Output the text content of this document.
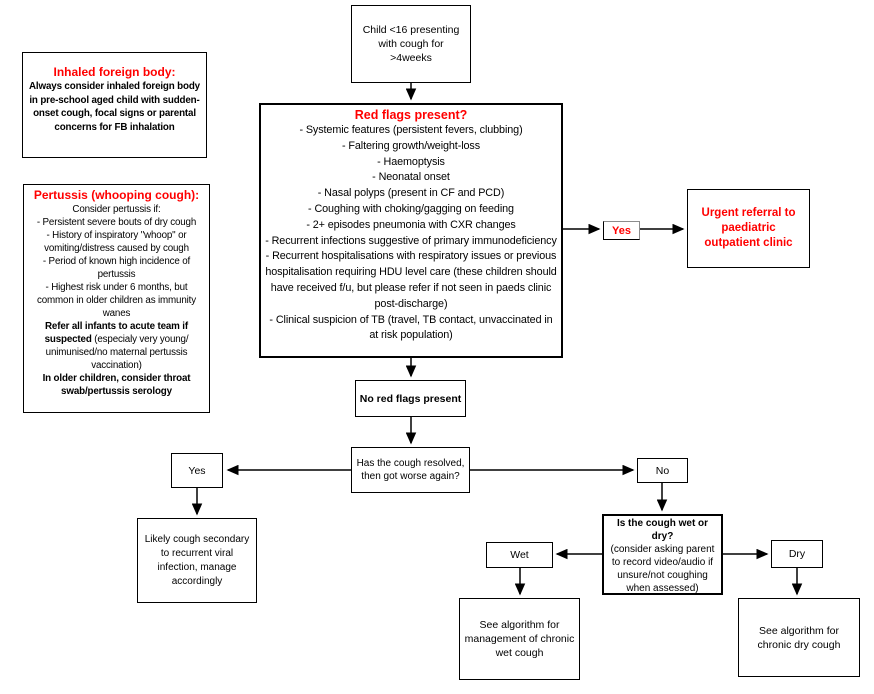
Child <16 presenting with cough for >4weeks
Inhaled foreign body:
Always consider inhaled foreign body in pre-school aged child with sudden-onset cough, focal signs or parental concerns for FB inhalation
Pertussis (whooping cough):
Consider pertussis if:
- Persistent severe bouts of dry cough
- History of inspiratory "whoop" or vomiting/distress caused by cough
- Period of known high incidence of pertussis
- Highest risk under 6 months, but common in older children as immunity wanes
Refer all infants to acute team if suspected (especialy very young/ unimunised/no maternal pertussis vaccination)
In older children, consider throat swab/pertussis serology
Red flags present?
- Systemic features (persistent fevers, clubbing)
- Faltering growth/weight-loss
- Haemoptysis
- Neonatal onset
- Nasal polyps (present in CF and PCD)
- Coughing with choking/gagging on feeding
- 2+ episodes pneumonia with CXR changes
- Recurrent infections suggestive of primary immunodeficiency
- Recurrent hospitalisations with respiratory issues or previous hospitalisation requiring HDU level care (these children should have received f/u, but please refer if not seen in paeds clinic post-discharge)
- Clinical suspicion of TB (travel, TB contact, unvaccinated in at risk population)
Yes
Urgent referral to paediatric outpatient clinic
No red flags present
Has the cough resolved, then got worse again?
Yes
Likely cough secondary to recurrent viral infection, manage accordingly
No
Is the cough wet or dry?
(consider asking parent to record video/audio if unsure/not coughing when assessed)
Wet
See algorithm for management of chronic wet cough
Dry
See algorithm for chronic dry cough
